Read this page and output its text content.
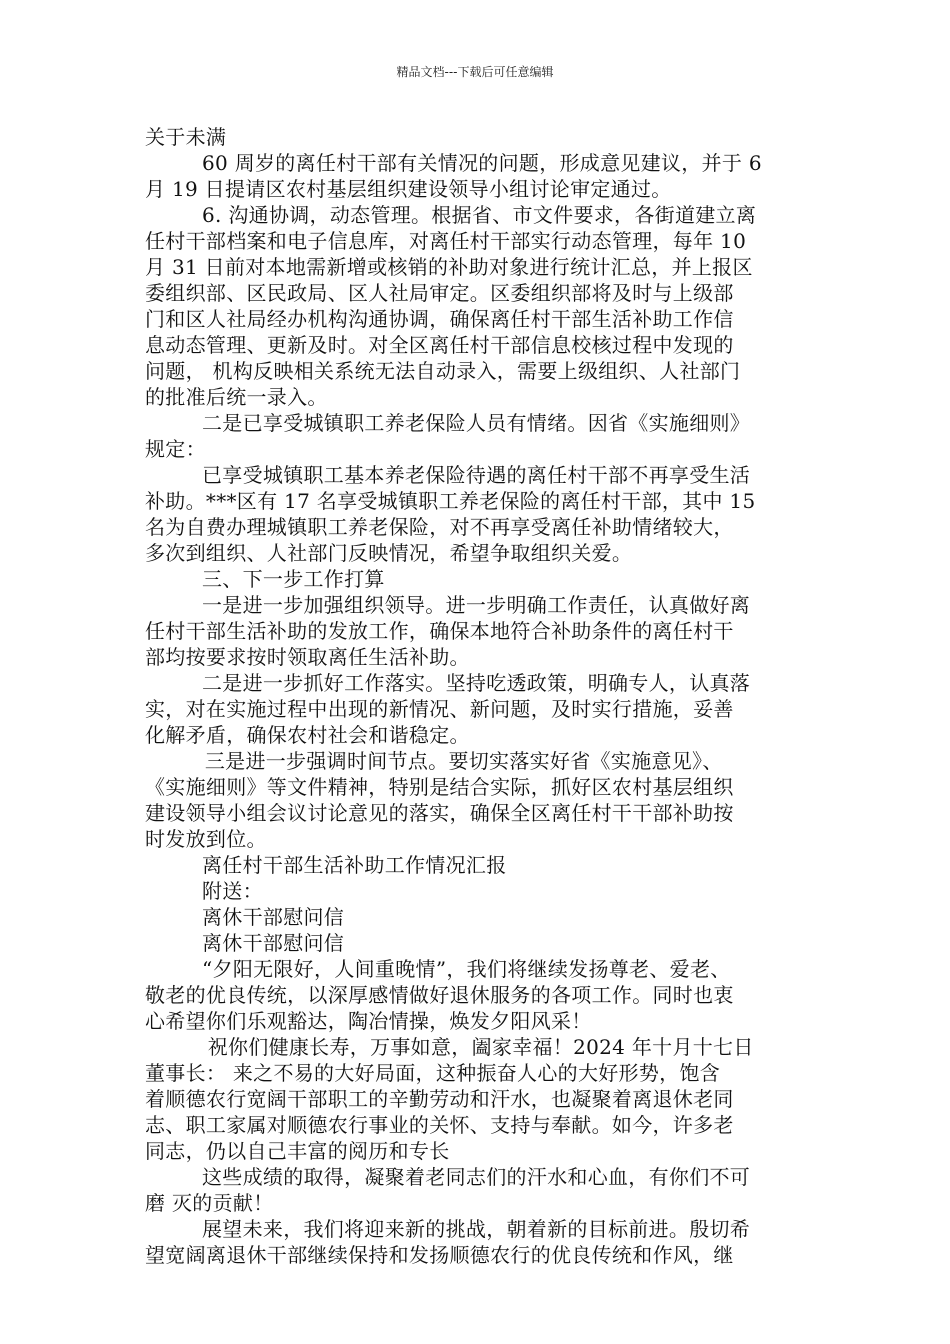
精品文档---下载后可任意编辑
关于未满
60 周岁的离任村干部有关情况的问题，形成意见建议，并于 6
月 19 日提请区农村基层组织建设领导小组讨论审定通过。
6. 沟通协调，动态管理。根据省、市文件要求，各街道建立离
任村干部档案和电子信息库，对离任村干部实行动态管理，每年 10
月 31 日前对本地需新增或核销的补助对象进行统计汇总，并上报区
委组织部、区民政局、区人社局审定。区委组织部将及时与上级部
门和区人社局经办机构沟通协调，确保离任村干部生活补助工作信
息动态管理、更新及时。对全区离任村干部信息校核过程中发现的
问题， 机构反映相关系统无法自动录入，需要上级组织、人社部门
的批准后统一录入。
二是已享受城镇职工养老保险人员有情绪。因省《实施细则》
规定：
已享受城镇职工基本养老保险待遇的离任村干部不再享受生活
补助。***区有 17 名享受城镇职工养老保险的离任村干部，其中 15
名为自费办理城镇职工养老保险，对不再享受离任补助情绪较大，
多次到组织、人社部门反映情况，希望争取组织关爱。
三、下一步工作打算
一是进一步加强组织领导。进一步明确工作责任，认真做好离
任村干部生活补助的发放工作，确保本地符合补助条件的离任村干
部均按要求按时领取离任生活补助。
二是进一步抓好工作落实。坚持吃透政策，明确专人，认真落
实，对在实施过程中出现的新情况、新问题，及时实行措施，妥善
化解矛盾，确保农村社会和谐稳定。
三是进一步强调时间节点。要切实落实好省《实施意见》、
《实施细则》等文件精神，特别是结合实际，抓好区农村基层组织
建设领导小组会议讨论意见的落实，确保全区离任村干干部补助按
时发放到位。
离任村干部生活补助工作情况汇报
附送：
离休干部慰问信
离休干部慰问信
“夕阳无限好，人间重晚情”，我们将继续发扬尊老、爱老、
敬老的优良传统，以深厚感情做好退休服务的各项工作。同时也衷
心希望你们乐观豁达，陶冶情操，焕发夕阳风采！
祝你们健康长寿，万事如意，阖家幸福！2024 年十月十七日
董事长： 来之不易的大好局面，这种振奋人心的大好形势，饱含
着顺德农行宽阔干部职工的辛勤劳动和汗水，也凝聚着离退休老同
志、职工家属对顺德农行事业的关怀、支持与奉献。如今，许多老
同志，仍以自己丰富的阅历和专长
这些成绩的取得，凝聚着老同志们的汗水和心血，有你们不可
磨 灭的贡献！
展望未来，我们将迎来新的挑战，朝着新的目标前进。殷切希
望宽阔离退休干部继续保持和发扬顺德农行的优良传统和作风，继
